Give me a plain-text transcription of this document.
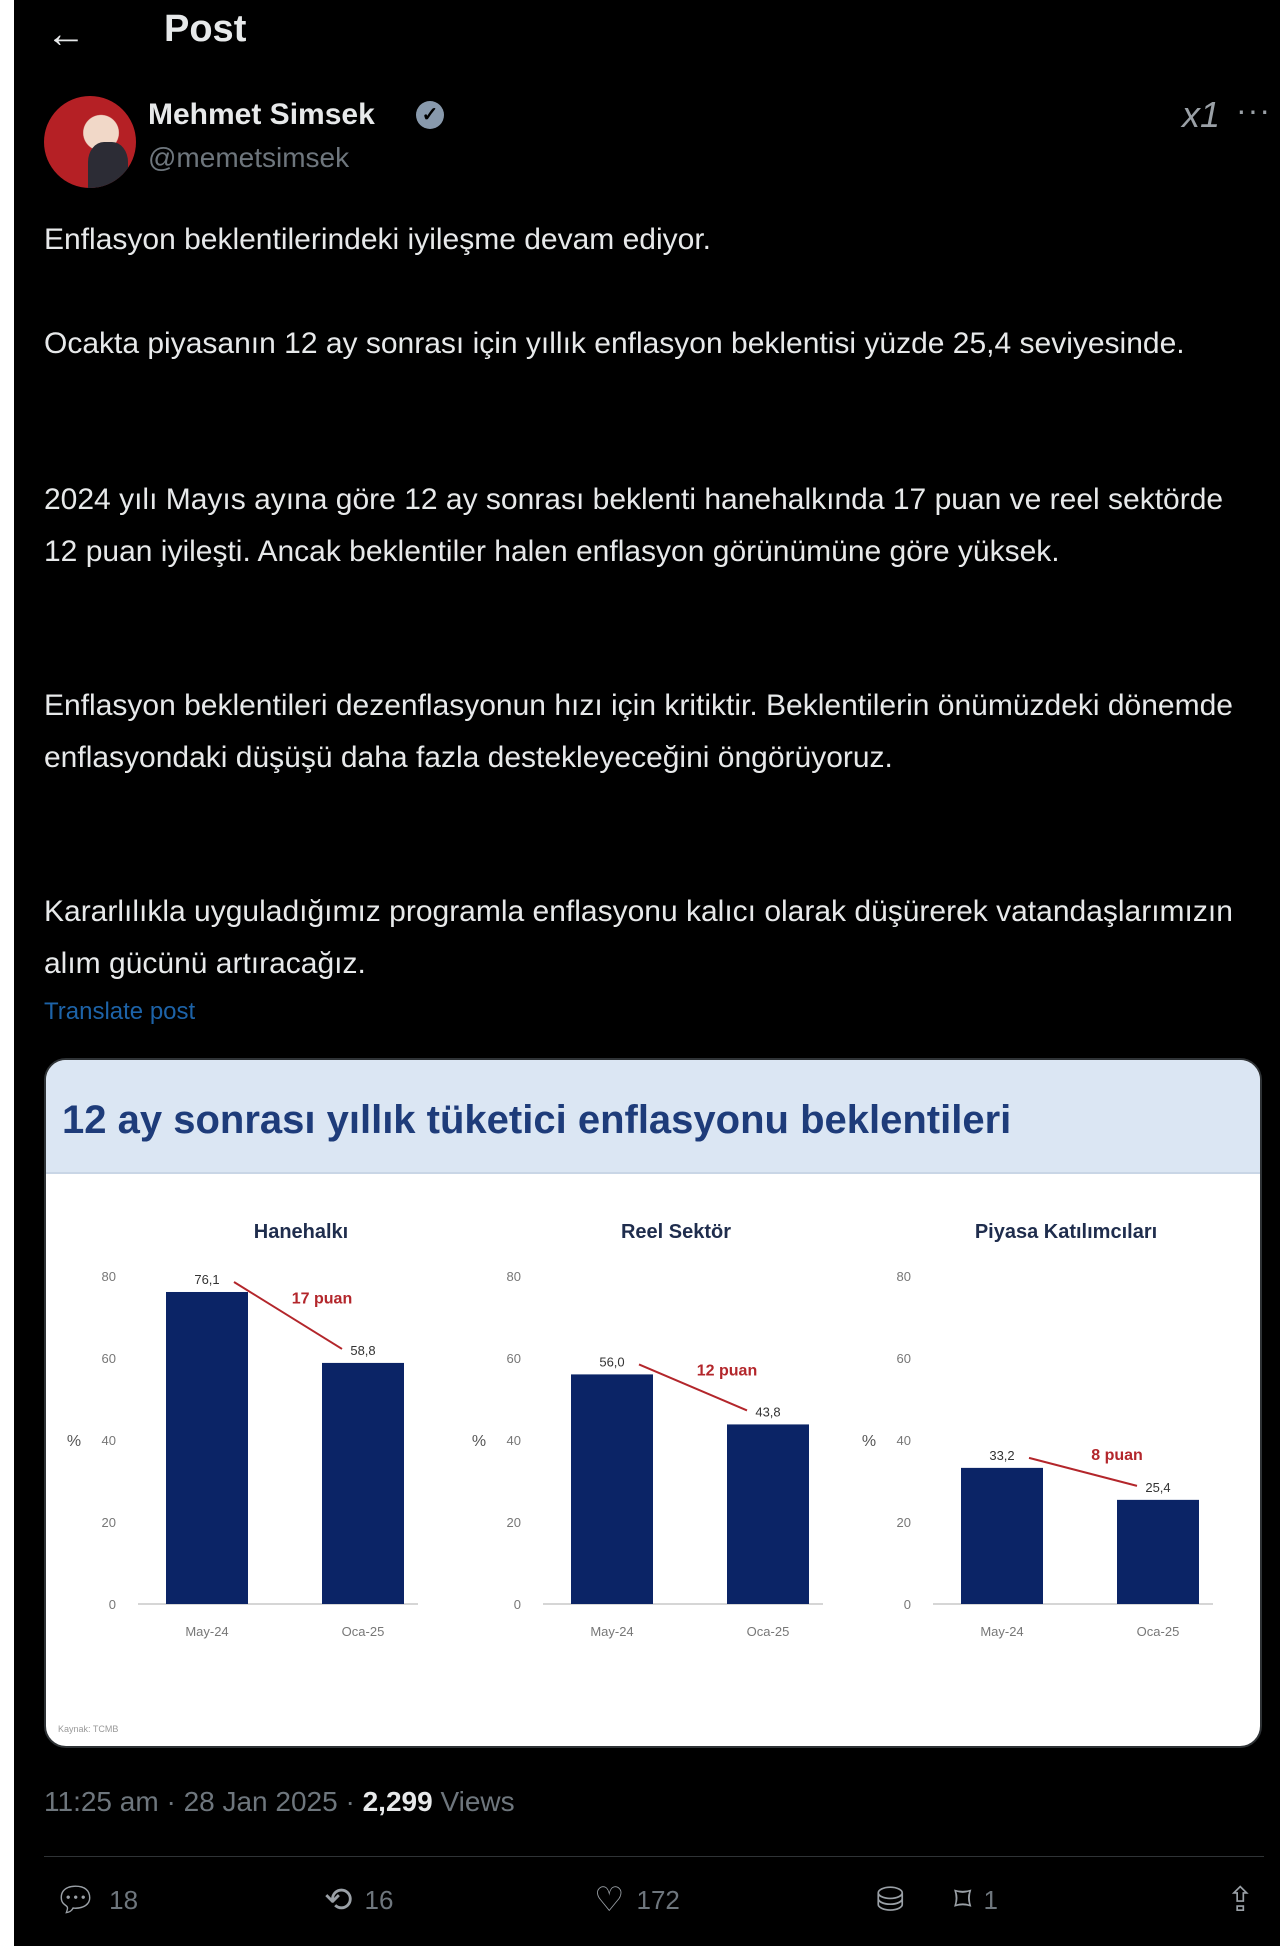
← Post
Mehmet Simsek ✓
@memetsimsek
x1 ···

Enflasyon beklentilerindeki iyileşme devam ediyor.

Ocakta piyasanın 12 ay sonrası için yıllık enflasyon beklentisi yüzde 25,4 seviyesinde.

2024 yılı Mayıs ayına göre 12 ay sonrası beklenti hanehalkında 17 puan ve reel sektörde 12 puan iyileşti. Ancak beklentiler halen enflasyon görünümüne göre yüksek.

Enflasyon beklentileri dezenflasyonun hızı için kritiktir. Beklentilerin önümüzdeki dönemde enflasyondaki düşüşü daha fazla destekleyeceğini öngörüyoruz.

Kararlılıkla uyguladığımız programla enflasyonu kalıcı olarak düşürerek vatandaşlarımızın alım gücünü artıracağız.

Translate post
12 ay sonrası yıllık tüketici enflasyonu beklentileri
Hanehalkı
%
0
20
40
60
80	76,1
May-24
58,8
Oca-25
17 puan
Reel Sektör
%
0
20
40
60
80
56,0
May-24
43,8
Oca-25
12 puan
Piyasa Katılımcıları
%
0
20
40
60
80
33,2
May-24
25,4
Oca-25
8 puan
Kaynak: TCMB
11:25 am · 28 Jan 2025 · 2,299 Views
💬︎ 18	⟲ 16	♡ 172	⛁ ⌑ 1	⇪
